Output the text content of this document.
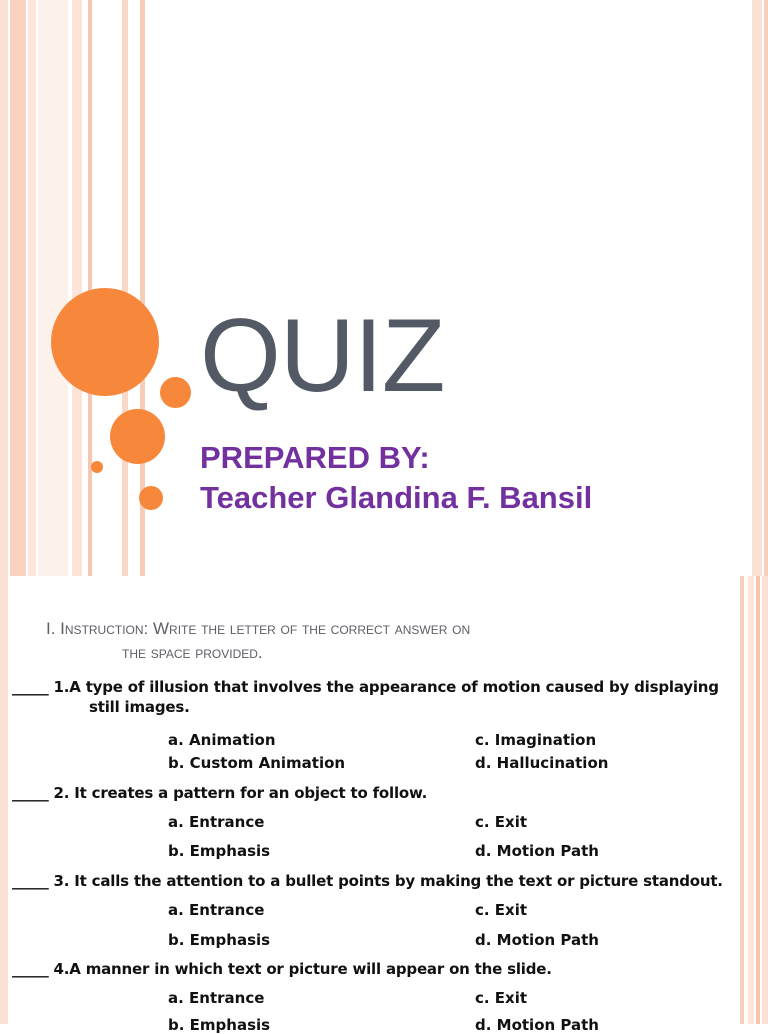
QUIZ
PREPARED BY:
Teacher Glandina F. Bansil
I. Instruction: Write the letter of the correct answer on
the space provided.
_____ 1.A type of illusion that involves the appearance of motion caused by displaying
still images.
a. Animation	c. Imagination
b. Custom Animation	d. Hallucination
_____ 2. It creates a pattern for an object to follow.
a. Entrance	c. Exit
b. Emphasis	d. Motion Path
_____ 3. It calls the attention to a bullet points by making the text or picture standout.
a. Entrance	c. Exit
b. Emphasis	d. Motion Path
_____ 4.A manner in which text or picture will appear on the slide.
a. Entrance	c. Exit
b. Emphasis	d. Motion Path
